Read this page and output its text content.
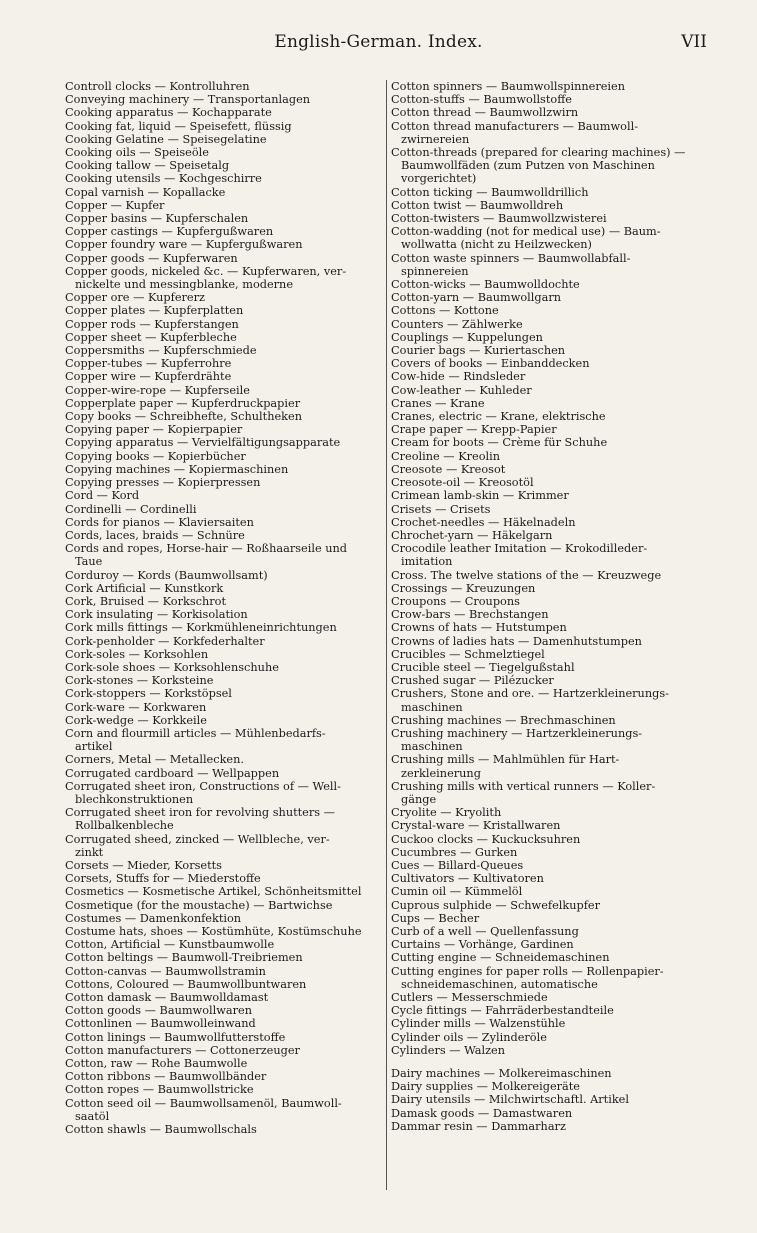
English-German. Index.	VII

Controll clocks — Kontrolluhren

Conveying machinery — Transportanlagen

Cooking apparatus — Kochapparate

Cooking fat, liquid — Speisefett, flüssig

Cooking Gelatine — Speisegelatine

Cooking oils — Speiseöle

Cooking tallow — Speisetalg

Cooking utensils — Kochgeschirre

Copal varnish — Kopallacke

Copper — Kupfer

Copper basins — Kupferschalen

Copper castings — Kupfergußwaren

Copper foundry ware — Kupfergußwaren

Copper goods — Kupferwaren

Copper goods, nickeled &c. — Kupferwaren, ver-

nickelte und messingblanke, moderne

Copper ore — Kupfererz

Copper plates — Kupferplatten

Copper rods — Kupferstangen

Copper sheet — Kupferbleche

Coppersmiths — Kupferschmiede

Copper-tubes — Kupferrohre

Copper wire — Kupferdrähte

Copper-wire-rope — Kupferseile

Copperplate paper — Kupferdruckpapier

Copy books — Schreibhefte, Schultheken

Copying paper — Kopierpapier

Copying apparatus — Vervielfältigungsapparate

Copying books — Kopierbücher

Copying machines — Kopiermaschinen

Copying presses — Kopierpressen

Cord — Kord

Cordinelli — Cordinelli

Cords for pianos — Klaviersaiten

Cords, laces, braids — Schnüre

Cords and ropes, Horse-hair — Roßhaarseile und

Taue

Corduroy — Kords (Baumwollsamt)

Cork Artificial — Kunstkork

Cork, Bruised — Korkschrot

Cork insulating — Korkisolation

Cork mills fittings — Korkmühleneinrichtungen

Cork-penholder — Korkfederhalter

Cork-soles — Korksohlen

Cork-sole shoes — Korksohlenschuhe

Cork-stones — Korksteine

Cork-stoppers — Korkstöpsel

Cork-ware — Korkwaren

Cork-wedge — Korkkeile

Corn and flourmill articles — Mühlenbedarfs-

artikel

Corners, Metal — Metallecken.

Corrugated cardboard — Wellpappen

Corrugated sheet iron, Constructions of — Well-

blechkonstruktionen

Corrugated sheet iron for revolving shutters —

Rollbalkenbleche

Corrugated sheed, zincked — Wellbleche, ver-

zinkt

Corsets — Mieder, Korsetts

Corsets, Stuffs for — Miederstoffe

Cosmetics — Kosmetische Artikel, Schönheitsmittel

Cosmetique (for the moustache) — Bartwichse

Costumes — Damenkonfektion

Costume hats, shoes — Kostümhüte, Kostümschuhe

Cotton, Artificial — Kunstbaumwolle

Cotton beltings — Baumwoll-Treibriemen

Cotton-canvas — Baumwollstramin

Cottons, Coloured — Baumwollbuntwaren

Cotton damask — Baumwolldamast

Cotton goods — Baumwollwaren

Cottonlinen — Baumwolleinwand

Cotton linings — Baumwollfutterstoffe

Cotton manufacturers — Cottonerzeuger

Cotton, raw — Rohe Baumwolle

Cotton ribbons — Baumwollbänder

Cotton ropes — Baumwollstricke

Cotton seed oil — Baumwollsamenöl, Baumwoll-

saatöl

Cotton shawls — Baumwollschals

Cotton spinners — Baumwollspinnereien

Cotton-stuffs — Baumwollstoffe

Cotton thread — Baumwollzwirn

Cotton thread manufacturers — Baumwoll-

zwirnereien

Cotton-threads (prepared for clearing machines) —

Baumwollfäden (zum Putzen von Maschinen

vorgerichtet)

Cotton ticking — Baumwolldrillich

Cotton twist — Baumwolldreh

Cotton-twisters — Baumwollzwisterei

Cotton-wadding (not for medical use) — Baum-

wollwatta (nicht zu Heilzwecken)

Cotton waste spinners — Baumwollabfall-

spinnereien

Cotton-wicks — Baumwolldochte

Cotton-yarn — Baumwollgarn

Cottons — Kottone

Counters — Zählwerke

Couplings — Kuppelungen

Courier bags — Kuriertaschen

Covers of books — Einbanddecken

Cow-hide — Rindsleder

Cow-leather — Kuhleder

Cranes — Krane

Cranes, electric — Krane, elektrische

Crape paper — Krepp-Papier

Cream for boots — Crème für Schuhe

Creoline — Kreolin

Creosote — Kreosot

Creosote-oil — Kreosotöl

Crimean lamb-skin — Krimmer

Crisets — Crisets

Crochet-needles — Häkelnadeln

Chrochet-yarn — Häkelgarn

Crocodile leather Imitation — Krokodilleder-

imitation

Cross. The twelve stations of the — Kreuzwege

Crossings — Kreuzungen

Croupons — Croupons

Crow-bars — Brechstangen

Crowns of hats — Hutstumpen

Crowns of ladies hats — Damenhutstumpen

Crucibles — Schmelztiegel

Crucible steel — Tiegelgußstahl

Crushed sugar — Pilézucker

Crushers, Stone and ore. — Hartzerkleinerungs-

maschinen

Crushing machines — Brechmaschinen

Crushing machinery — Hartzerkleinerungs-

maschinen

Crushing mills — Mahlmühlen für Hart-

zerkleinerung

Crushing mills with vertical runners — Koller-

gänge

Cryolite — Kryolith

Crystal-ware — Kristallwaren

Cuckoo clocks — Kuckucksuhren

Cucumbres — Gurken

Cues — Billard-Queues

Cultivators — Kultivatoren

Cumin oil — Kümmelöl

Cuprous sulphide — Schwefelkupfer

Cups — Becher

Curb of a well — Quellenfassung

Curtains — Vorhänge, Gardinen

Cutting engine — Schneidemaschinen

Cutting engines for paper rolls — Rollenpapier-

schneidemaschinen, automatische

Cutlers — Messerschmiede

Cycle fittings — Fahrräderbestandteile

Cylinder mills — Walzenstühle

Cylinder oils — Zylinderöle

Cylinders — Walzen

Dairy machines — Molkereimaschinen

Dairy supplies — Molkereigeräte

Dairy utensils — Milchwirtschaftl. Artikel

Damask goods — Damastwaren

Dammar resin — Dammarharz
